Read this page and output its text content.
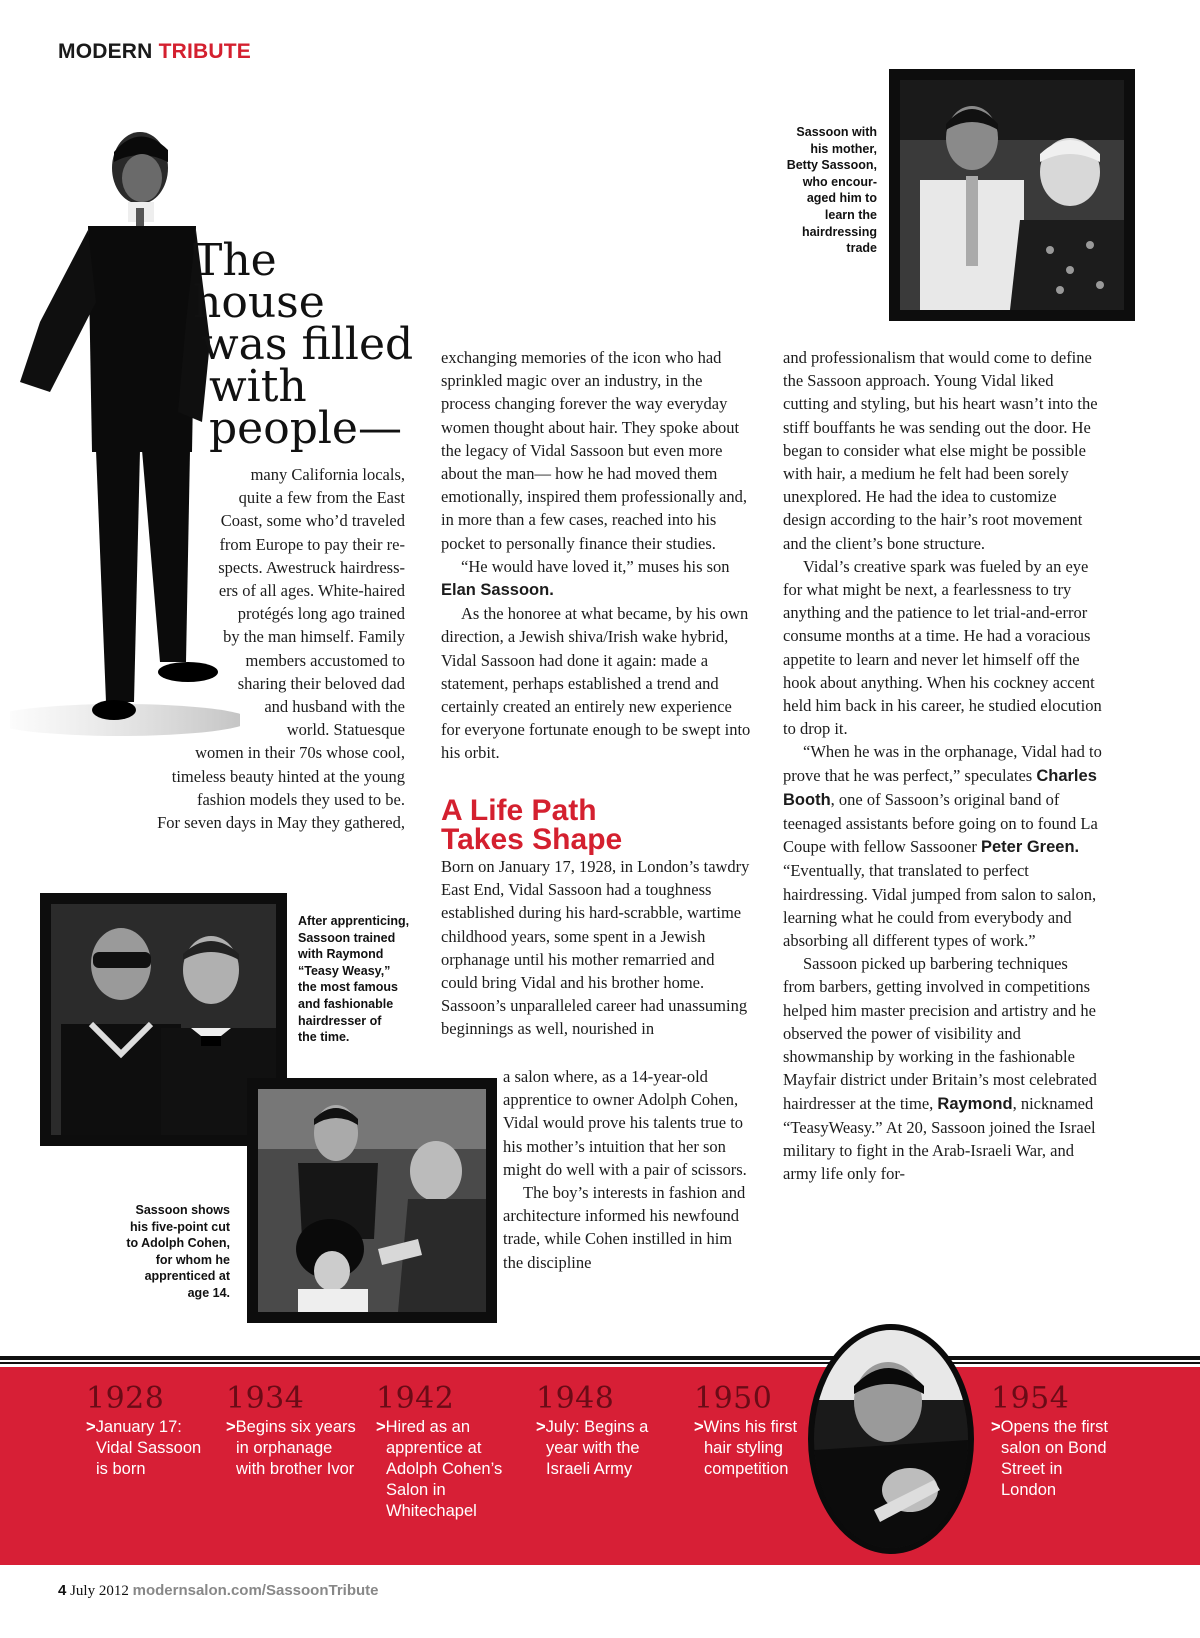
MODERN TRIBUTE
The
house
was filled
with
people—
many California locals,
quite a few from the East
Coast, some who’d traveled
from Europe to pay their re-
spects. Awestruck hairdress-
ers of all ages. White-haired
protégés long ago trained
by the man himself. Family
members accustomed to
sharing their beloved dad
and husband with the
world. Statuesque
women in their 70s whose cool,
timeless beauty hinted at the young
fashion models they used to be.
For seven days in May they gathered,

exchanging memories of the icon who had sprinkled magic over an industry, in the process changing forever the way everyday women thought about hair. They spoke about the legacy of Vidal Sassoon but even more about the man— how he had moved them emotionally, inspired them professionally and, in more than a few cases, reached into his pocket to personally finance their studies.

“He would have loved it,” muses his son Elan Sassoon.

As the honoree at what became, by his own direction, a Jewish shiva/Irish wake hybrid, Vidal Sassoon had done it again: made a statement, perhaps established a trend and certainly created an entirely new experience for everyone fortunate enough to be swept into his orbit.

A Life Path
Takes Shape

Born on January 17, 1928, in London’s tawdry East End, Vidal Sassoon had a toughness established during his hard-scrabble, wartime childhood years, some spent in a Jewish orphanage until his mother remarried and could bring Vidal and his brother home. Sassoon’s unparalleled career had unassuming beginnings as well, nourished in

a salon where, as a 14-year-old apprentice to owner Adolph Cohen, Vidal would prove his talents true to his mother’s intuition that her son might do well with a pair of scissors.

The boy’s interests in fashion and architecture informed his newfound trade, while Cohen instilled in him the discipline

and professionalism that would come to define the Sassoon approach. Young Vidal liked cutting and styling, but his heart wasn’t into the stiff bouffants he was sending out the door. He began to consider what else might be possible with hair, a medium he felt had been sorely unexplored. He had the idea to customize design according to the hair’s root movement and the client’s bone structure.

Vidal’s creative spark was fueled by an eye for what might be next, a fearlessness to try anything and the patience to let trial-and-error consume months at a time. He had a voracious appetite to learn and never let himself off the hook about anything. When his cockney accent held him back in his career, he studied elocution to drop it.

“When he was in the orphanage, Vidal had to prove that he was perfect,” speculates Charles Booth, one of Sassoon’s original band of teenaged assistants before going on to found La Coupe with fellow Sassooner Peter Green. “Eventually, that translated to perfect hairdressing. Vidal jumped from salon to salon, learning what he could from everybody and absorbing all different types of work.”

Sassoon picked up barbering techniques from barbers, getting involved in competitions helped him master precision and artistry and he observed the power of visibility and showmanship by working in the fashionable Mayfair district under Britain’s most celebrated hairdresser at the time, Raymond, nicknamed “TeasyWeasy.” At 20, Sassoon joined the Israel military to fight in the Arab-Israeli War, and army life only for-

Sassoon with
his mother,
Betty Sassoon,
who encour-
aged him to
learn the
hairdressing
trade
After apprenticing,
Sassoon trained
with Raymond
“Teasy Weasy,”
the most famous
and fashionable
hairdresser of
the time.
Sassoon shows
his five-point cut
to Adolph Cohen,
for whom he
apprenticed at
age 14.
1928
>January 17: Vidal Sassoon is born
1934
>Begins six years in orphanage with brother Ivor
1942
>Hired as an apprentice at Adolph Cohen’s Salon in Whitechapel
1948
>July: Begins a year with the Israeli Army
1950
>Wins his first hair styling competition
1954
>Opens the first salon on Bond Street in London
4 July 2012 modernsalon.com/SassoonTribute
